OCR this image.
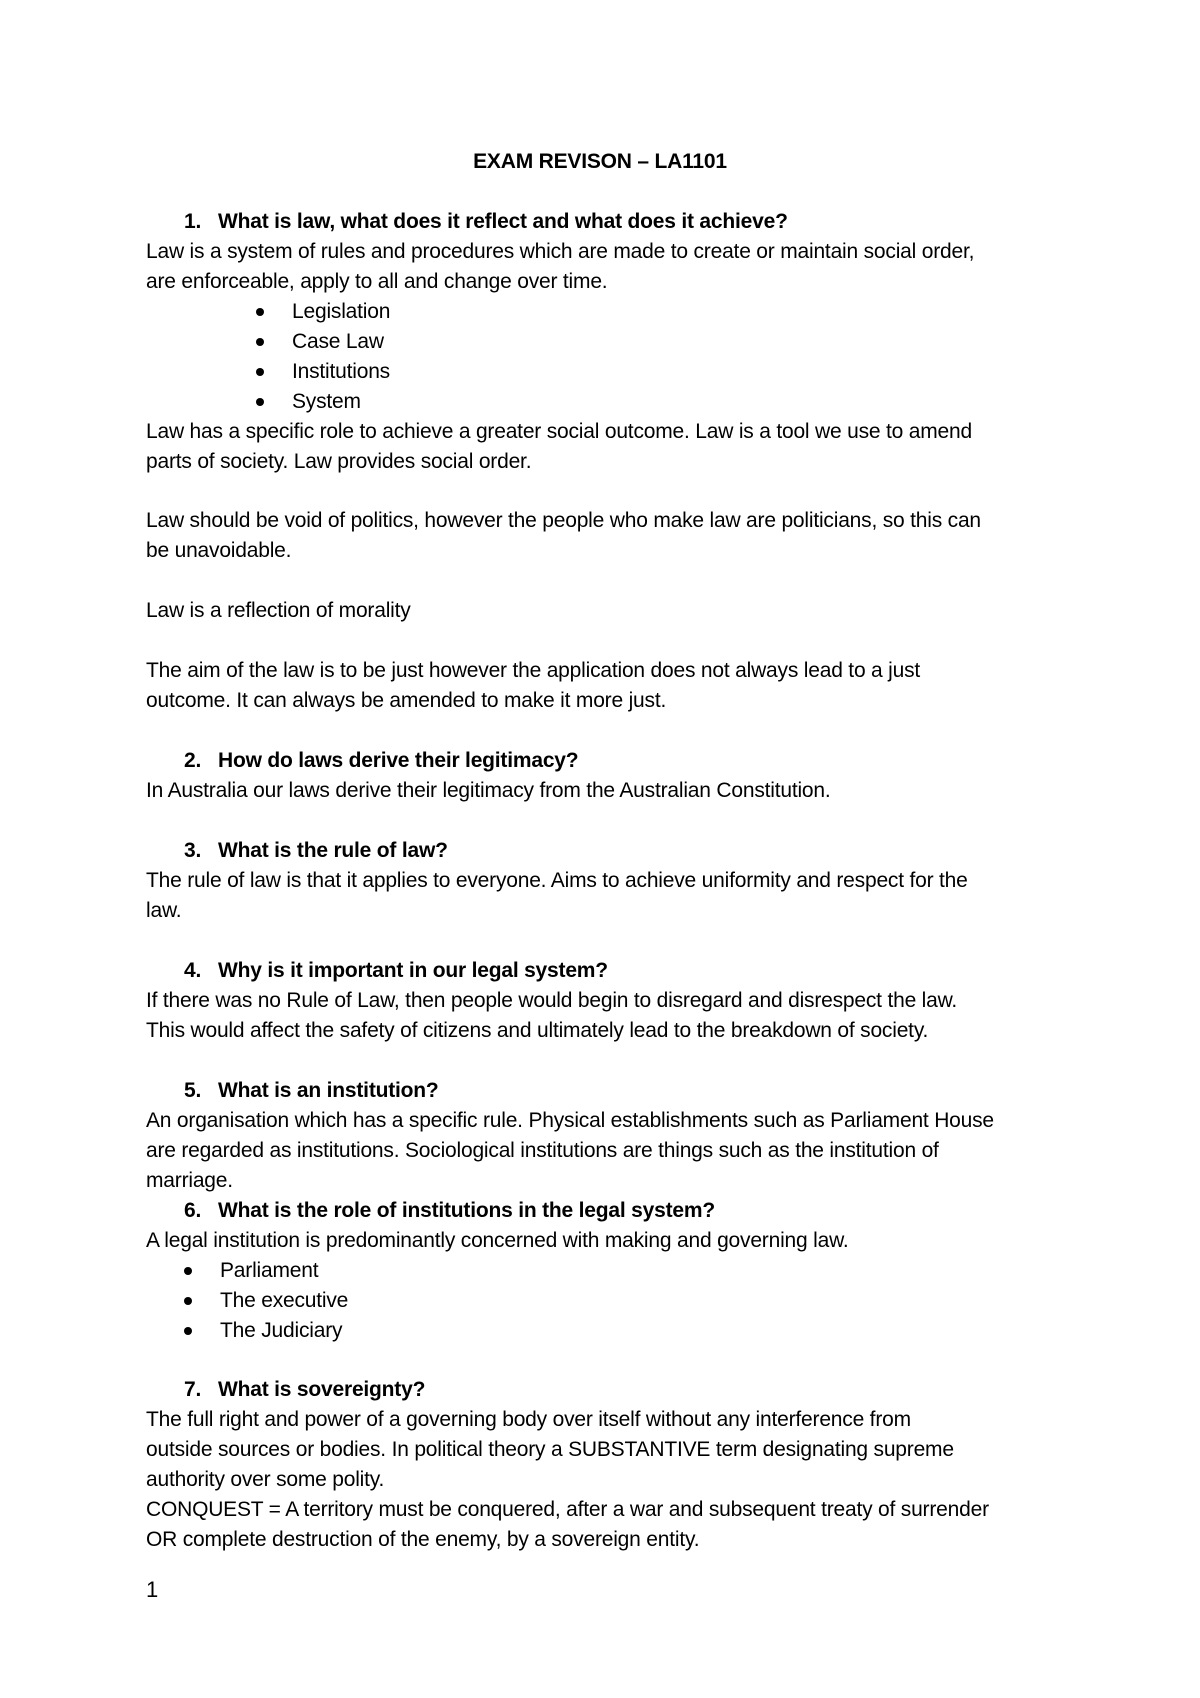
EXAM REVISON – LA1101

1. What is law, what does it reflect and what does it achieve?

Law is a system of rules and procedures which are made to create or maintain social order,

are enforceable, apply to all and change over time.

Legislation

Case Law

Institutions

System

Law has a specific role to achieve a greater social outcome. Law is a tool we use to amend

parts of society. Law provides social order.

Law should be void of politics, however the people who make law are politicians, so this can

be unavoidable.

Law is a reflection of morality

The aim of the law is to be just however the application does not always lead to a just

outcome. It can always be amended to make it more just.

2. How do laws derive their legitimacy?

In Australia our laws derive their legitimacy from the Australian Constitution.

3. What is the rule of law?

The rule of law is that it applies to everyone. Aims to achieve uniformity and respect for the

law.

4. Why is it important in our legal system?

If there was no Rule of Law, then people would begin to disregard and disrespect the law.

This would affect the safety of citizens and ultimately lead to the breakdown of society.

5. What is an institution?

An organisation which has a specific rule. Physical establishments such as Parliament House

are regarded as institutions. Sociological institutions are things such as the institution of

marriage.

6. What is the role of institutions in the legal system?

A legal institution is predominantly concerned with making and governing law.

Parliament

The executive

The Judiciary

7. What is sovereignty?

The full right and power of a governing body over itself without any interference from

outside sources or bodies. In political theory a SUBSTANTIVE term designating supreme

authority over some polity.

CONQUEST = A territory must be conquered, after a war and subsequent treaty of surrender

OR complete destruction of the enemy, by a sovereign entity.

1
